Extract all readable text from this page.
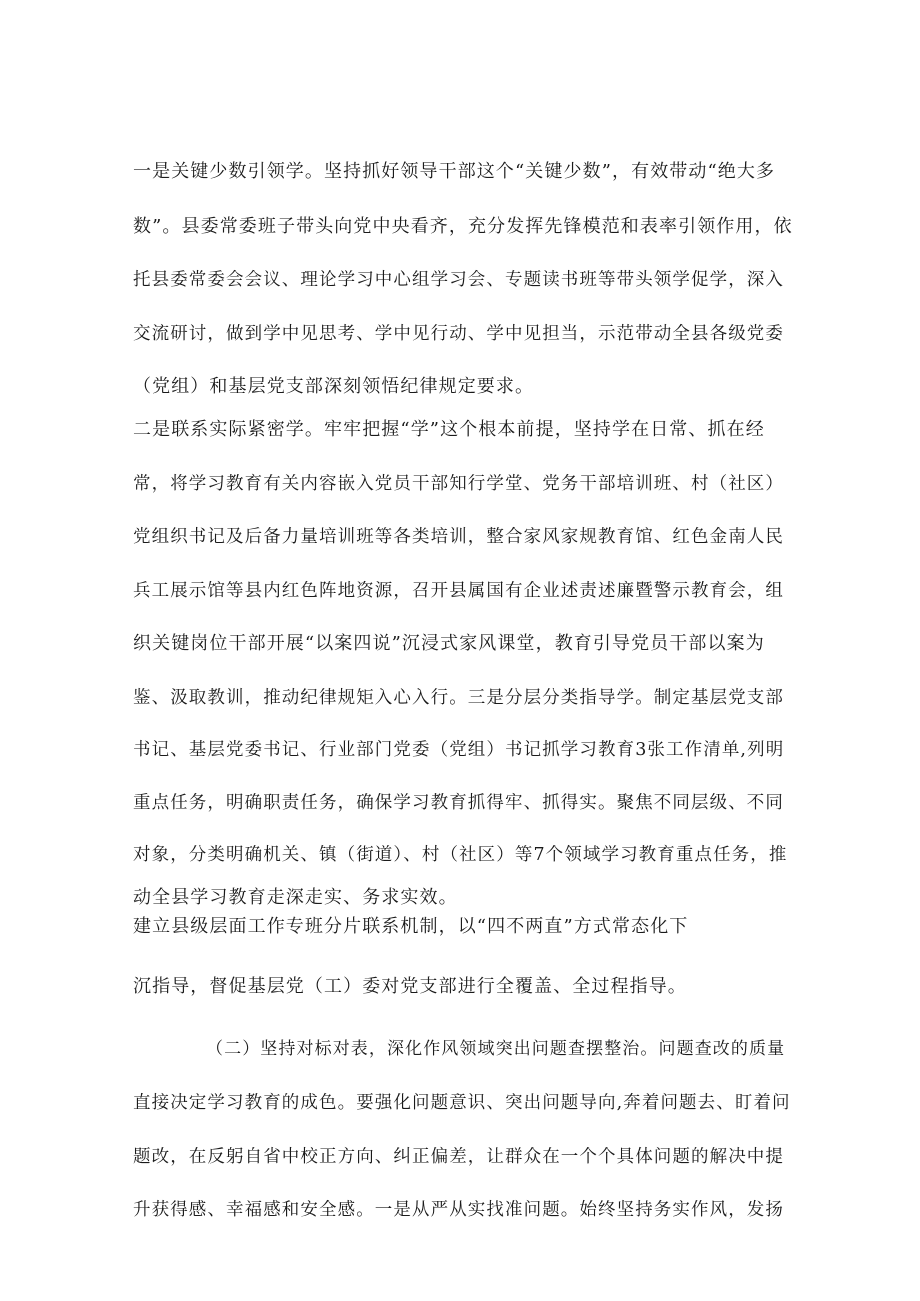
一是关键少数引领学。坚持抓好领导干部这个“关键少数”，有效带动“绝大多
数”。县委常委班子带头向党中央看齐，充分发挥先锋模范和表率引领作用，依
托县委常委会会议、理论学习中心组学习会、专题读书班等带头领学促学，深入
交流研讨，做到学中见思考、学中见行动、学中见担当，示范带动全县各级党委
（党组）和基层党支部深刻领悟纪律规定要求。
二是联系实际紧密学。牢牢把握“学”这个根本前提，坚持学在日常、抓在经
常，将学习教育有关内容嵌入党员干部知行学堂、党务干部培训班、村（社区）
党组织书记及后备力量培训班等各类培训，整合家风家规教育馆、红色金南人民
兵工展示馆等县内红色阵地资源，召开县属国有企业述责述廉暨警示教育会，组
织关键岗位干部开展“以案四说”沉浸式家风课堂，教育引导党员干部以案为
鉴、汲取教训，推动纪律规矩入心入行。三是分层分类指导学。制定基层党支部
书记、基层党委书记、行业部门党委（党组）书记抓学习教育3张工作清单,列明
重点任务，明确职责任务，确保学习教育抓得牢、抓得实。聚焦不同层级、不同
对象，分类明确机关、镇（街道）、村（社区）等7个领域学习教育重点任务，推
动全县学习教育走深走实、务求实效。
建立县级层面工作专班分片联系机制，以“四不两直”方式常态化下
沉指导，督促基层党（工）委对党支部进行全覆盖、全过程指导。
（二）坚持对标对表，深化作风领域突出问题查摆整治。问题查改的质量
直接决定学习教育的成色。要强化问题意识、突出问题导向,奔着问题去、盯着问
题改，在反躬自省中校正方向、纠正偏差，让群众在一个个具体问题的解决中提
升获得感、幸福感和安全感。一是从严从实找准问题。始终坚持务实作风，发扬
